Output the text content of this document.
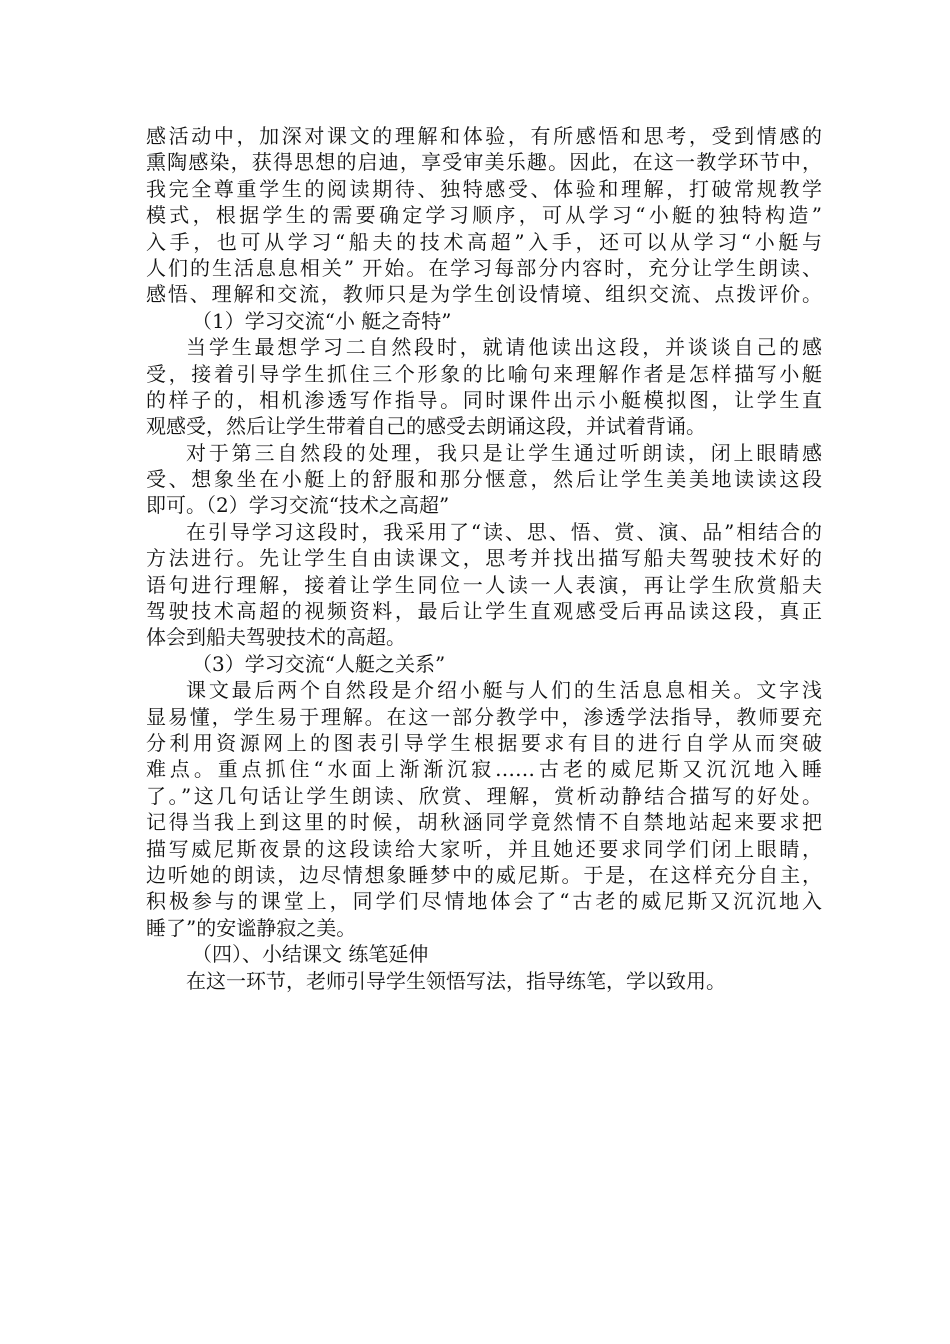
感活动中，加深对课文的理解和体验，有所感悟和思考，受到情感的
熏陶感染，获得思想的启迪，享受审美乐趣。因此，在这一教学环节中，
我完全尊重学生的阅读期待、独特感受、体验和理解，打破常规教学
模式，根据学生的需要确定学习顺序，可从学习“小艇的独特构造”
入手，也可从学习“船夫的技术高超”入手，还可以从学习“小艇与
人们的生活息息相关” 开始。在学习每部分内容时，充分让学生朗读、
感悟、理解和交流，教师只是为学生创设情境、组织交流、点拨评价。
（1）学习交流“小 艇之奇特”
当学生最想学习二自然段时，就请他读出这段，并谈谈自己的感
受，接着引导学生抓住三个形象的比喻句来理解作者是怎样描写小艇
的样子的，相机渗透写作指导。同时课件出示小艇模拟图，让学生直
观感受，然后让学生带着自己的感受去朗诵这段，并试着背诵。
对于第三自然段的处理，我只是让学生通过听朗读，闭上眼睛感
受、想象坐在小艇上的舒服和那分惬意，然后让学生美美地读读这段
即可。（2）学习交流“技术之高超”
在引导学习这段时，我采用了“读、思、悟、赏、演、品”相结合的
方法进行。先让学生自由读课文，思考并找出描写船夫驾驶技术好的
语句进行理解，接着让学生同位一人读一人表演，再让学生欣赏船夫
驾驶技术高超的视频资料，最后让学生直观感受后再品读这段，真正
体会到船夫驾驶技术的高超。
（3）学习交流“人艇之关系”
课文最后两个自然段是介绍小艇与人们的生活息息相关。文字浅
显易懂，学生易于理解。在这一部分教学中，渗透学法指导，教师要充
分利用资源网上的图表引导学生根据要求有目的进行自学从而突破
难点。重点抓住“水面上渐渐沉寂……古老的威尼斯又沉沉地入睡
了。”这几句话让学生朗读、欣赏、理解，赏析动静结合描写的好处。
记得当我上到这里的时候，胡秋涵同学竟然情不自禁地站起来要求把
描写威尼斯夜景的这段读给大家听，并且她还要求同学们闭上眼睛，
边听她的朗读，边尽情想象睡梦中的威尼斯。于是，在这样充分自主，
积极参与的课堂上，同学们尽情地体会了“古老的威尼斯又沉沉地入
睡了”的安谧静寂之美。
（四）、小结课文 练笔延伸
在这一环节，老师引导学生领悟写法，指导练笔，学以致用。
